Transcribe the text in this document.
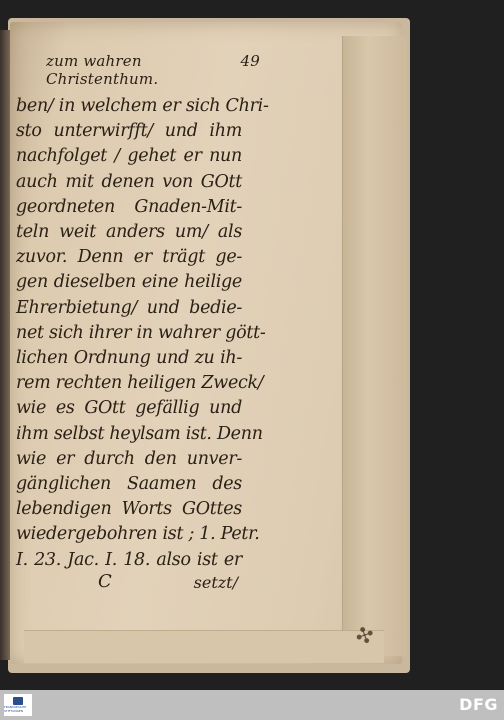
zum wahren Christenthum.
49
ben/ in welchem er sich Chri-
sto unterwirfft/ und ihm
nachfolget / gehet er nun
auch mit denen von GOtt
geordneten Gnaden-Mit-
teln weit anders um/ als
zuvor. Denn er trägt ge-
gen dieselben eine heilige
Ehrerbietung/ und bedie-
net sich ihrer in wahrer gött-
lichen Ordnung und zu ih-
rem rechten heiligen Zweck/
wie es GOtt gefällig und
ihm selbst heylsam ist. Denn
wie er durch den unver-
gänglichen Saamen des
lebendigen Worts GOttes
wiedergebohren ist ; 1. Petr.
I. 23. Jac. I. 18. also ist er
C	setzt/
✣
FRANCKESCHE STIFTUNGEN	DFG
